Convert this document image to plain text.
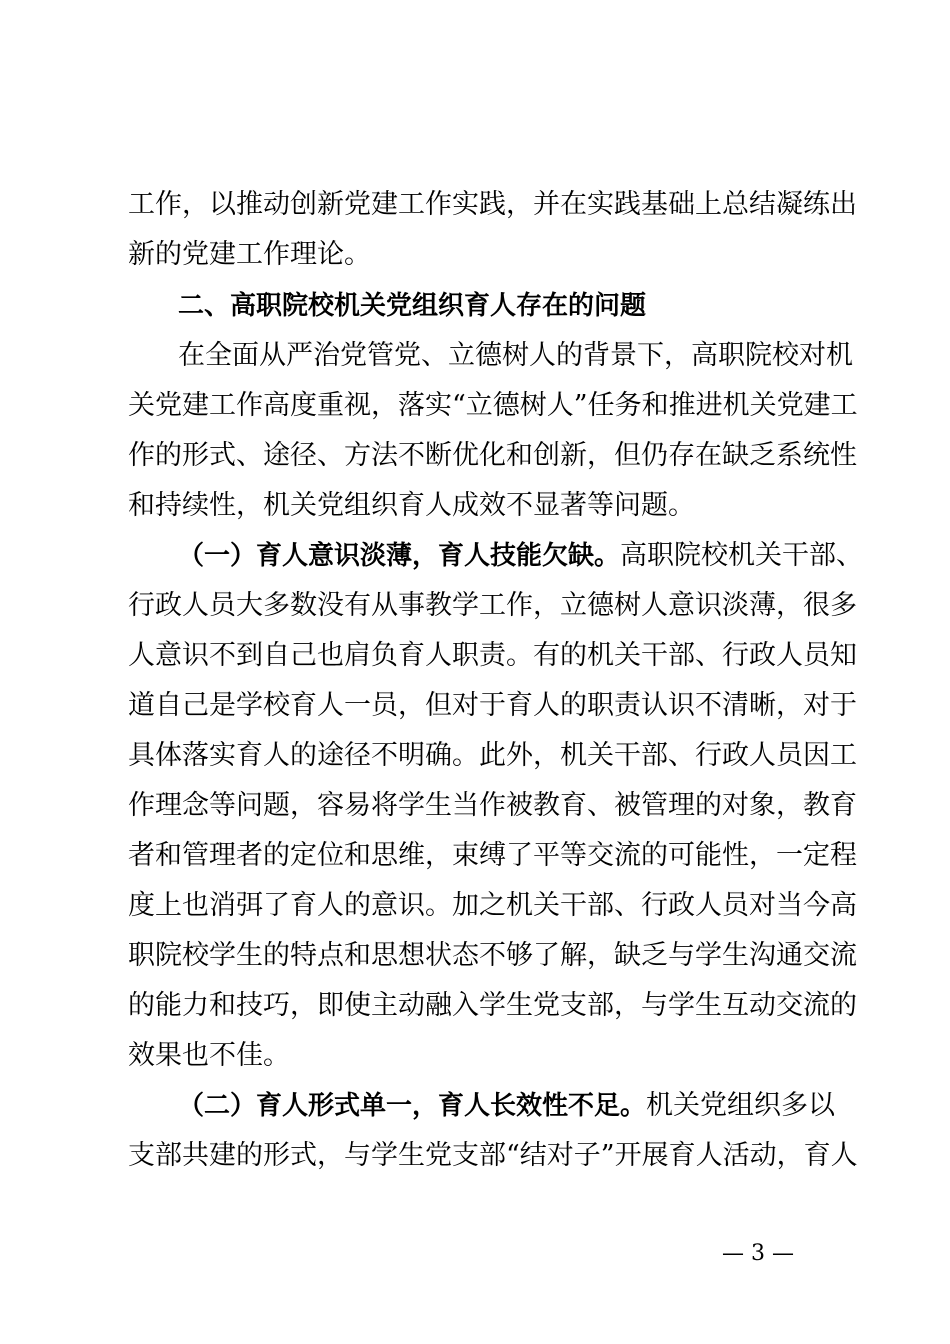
工作，以推动创新党建工作实践，并在实践基础上总结凝练出
新的党建工作理论。
二、高职院校机关党组织育人存在的问题
在全面从严治党管党、立德树人的背景下，高职院校对机
关党建工作高度重视，落实“立德树人”任务和推进机关党建工
作的形式、途径、方法不断优化和创新，但仍存在缺乏系统性
和持续性，机关党组织育人成效不显著等问题。
（一）育人意识淡薄，育人技能欠缺。高职院校机关干部、
行政人员大多数没有从事教学工作，立德树人意识淡薄，很多
人意识不到自己也肩负育人职责。有的机关干部、行政人员知
道自己是学校育人一员，但对于育人的职责认识不清晰，对于
具体落实育人的途径不明确。此外，机关干部、行政人员因工
作理念等问题，容易将学生当作被教育、被管理的对象，教育
者和管理者的定位和思维，束缚了平等交流的可能性，一定程
度上也消弭了育人的意识。加之机关干部、行政人员对当今高
职院校学生的特点和思想状态不够了解，缺乏与学生沟通交流
的能力和技巧，即使主动融入学生党支部，与学生互动交流的
效果也不佳。
（二）育人形式单一，育人长效性不足。机关党组织多以
支部共建的形式，与学生党支部“结对子”开展育人活动，育人
— 3 —
